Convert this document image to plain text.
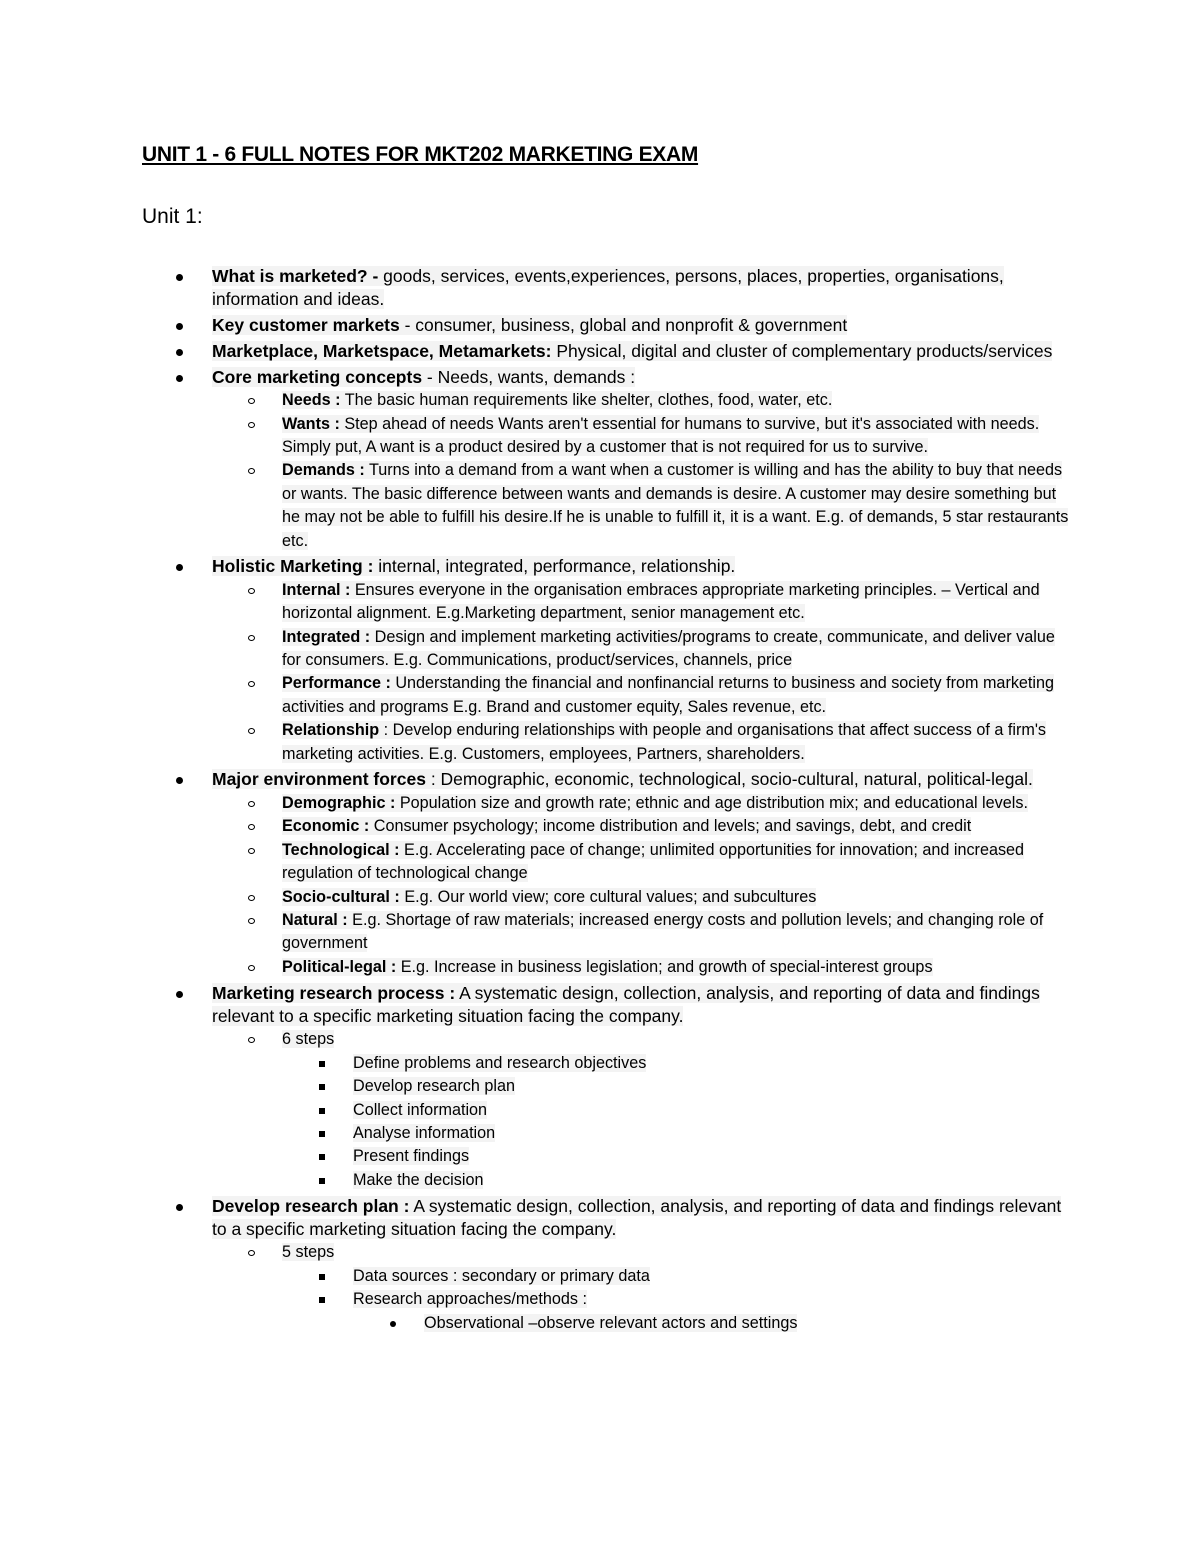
UNIT 1 - 6 FULL NOTES FOR MKT202 MARKETING EXAM
Unit 1:
What is marketed? - goods, services, events,experiences, persons, places, properties, organisations, information and ideas.
Key customer markets - consumer, business, global and nonprofit & government
Marketplace, Marketspace, Metamarkets: Physical, digital and cluster of complementary products/services
Core marketing concepts - Needs, wants, demands :
Needs : The basic human requirements like shelter, clothes, food, water, etc.
Wants : Step ahead of needs Wants aren't essential for humans to survive, but it's associated with needs. Simply put, A want is a product desired by a customer that is not required for us to survive.
Demands : Turns into a demand from a want when a customer is willing and has the ability to buy that needs or wants. The basic difference between wants and demands is desire. A customer may desire something but he may not be able to fulfill his desire.If he is unable to fulfill it, it is a want. E.g. of demands, 5 star restaurants etc.
Holistic Marketing : internal, integrated, performance, relationship.
Internal : Ensures everyone in the organisation embraces appropriate marketing principles. – Vertical and horizontal alignment. E.g.Marketing department, senior management etc.
Integrated : Design and implement marketing activities/programs to create, communicate, and deliver value for consumers. E.g. Communications, product/services, channels, price
Performance : Understanding the financial and nonfinancial returns to business and society from marketing activities and programs E.g. Brand and customer equity, Sales revenue, etc.
Relationship : Develop enduring relationships with people and organisations that affect success of a firm's marketing activities. E.g. Customers, employees, Partners, shareholders.
Major environment forces : Demographic, economic, technological, socio-cultural, natural, political-legal.
Demographic : Population size and growth rate; ethnic and age distribution mix; and educational levels.
Economic : Consumer psychology; income distribution and levels; and savings, debt, and credit
Technological : E.g. Accelerating pace of change; unlimited opportunities for innovation; and increased regulation of technological change
Socio-cultural : E.g. Our world view; core cultural values; and subcultures
Natural : E.g. Shortage of raw materials; increased energy costs and pollution levels; and changing role of government
Political-legal : E.g. Increase in business legislation; and growth of special-interest groups
Marketing research process : A systematic design, collection, analysis, and reporting of data and findings relevant to a specific marketing situation facing the company.
6 steps
Define problems and research objectives
Develop research plan
Collect information
Analyse information
Present findings
Make the decision
Develop research plan : A systematic design, collection, analysis, and reporting of data and findings relevant to a specific marketing situation facing the company.
5 steps
Data sources : secondary or primary data
Research approaches/methods :
Observational –observe relevant actors and settings
